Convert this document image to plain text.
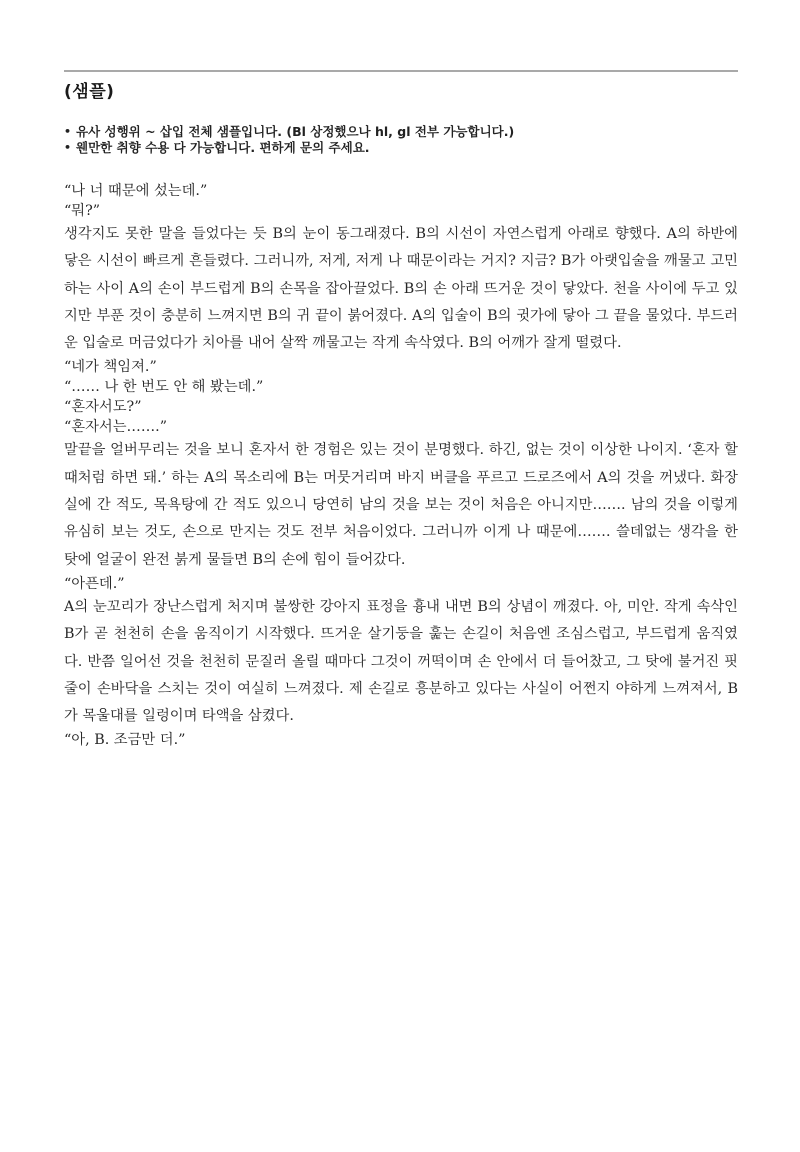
(샘플)
• 유사 성행위 ~ 삽입 전체 샘플입니다. (Bl 상정했으나 hl, gl 전부 가능합니다.)
• 웬만한 취향 수용 다 가능합니다. 편하게 문의 주세요.

“나 너 때문에 섰는데.”

“뭐?”

생각지도 못한 말을 들었다는 듯 B의 눈이 동그래졌다. B의 시선이 자연스럽게 아래로 향했다. A의 하반에 닿은 시선이 빠르게 흔들렸다. 그러니까, 저게, 저게 나 때문이라는 거지? 지금? B가 아랫입술을 깨물고 고민하는 사이 A의 손이 부드럽게 B의 손목을 잡아끌었다. B의 손 아래 뜨거운 것이 닿았다. 천을 사이에 두고 있지만 부푼 것이 충분히 느껴지면 B의 귀 끝이 붉어졌다. A의 입술이 B의 귓가에 닿아 그 끝을 물었다. 부드러운 입술로 머금었다가 치아를 내어 살짝 깨물고는 작게 속삭였다. B의 어깨가 잘게 떨렸다.

“네가 책임져.”

“…… 나 한 번도 안 해 봤는데.”

“혼자서도?”

“혼자서는…….”

말끝을 얼버무리는 것을 보니 혼자서 한 경험은 있는 것이 분명했다. 하긴, 없는 것이 이상한 나이지. ‘혼자 할 때처럼 하면 돼.’ 하는 A의 목소리에 B는 머뭇거리며 바지 버클을 푸르고 드로즈에서 A의 것을 꺼냈다. 화장실에 간 적도, 목욕탕에 간 적도 있으니 당연히 남의 것을 보는 것이 처음은 아니지만……. 남의 것을 이렇게 유심히 보는 것도, 손으로 만지는 것도 전부 처음이었다. 그러니까 이게 나 때문에……. 쓸데없는 생각을 한 탓에 얼굴이 완전 붉게 물들면 B의 손에 힘이 들어갔다.

“아픈데.”

A의 눈꼬리가 장난스럽게 처지며 불쌍한 강아지 표정을 흉내 내면 B의 상념이 깨졌다. 아, 미안. 작게 속삭인 B가 곧 천천히 손을 움직이기 시작했다. 뜨거운 살기둥을 훑는 손길이 처음엔 조심스럽고, 부드럽게 움직였다. 반쯤 일어선 것을 천천히 문질러 올릴 때마다 그것이 꺼떡이며 손 안에서 더 들어찼고, 그 탓에 불거진 핏줄이 손바닥을 스치는 것이 여실히 느껴졌다. 제 손길로 흥분하고 있다는 사실이 어쩐지 야하게 느껴져서, B가 목울대를 일렁이며 타액을 삼켰다.

“아, B. 조금만 더.”
